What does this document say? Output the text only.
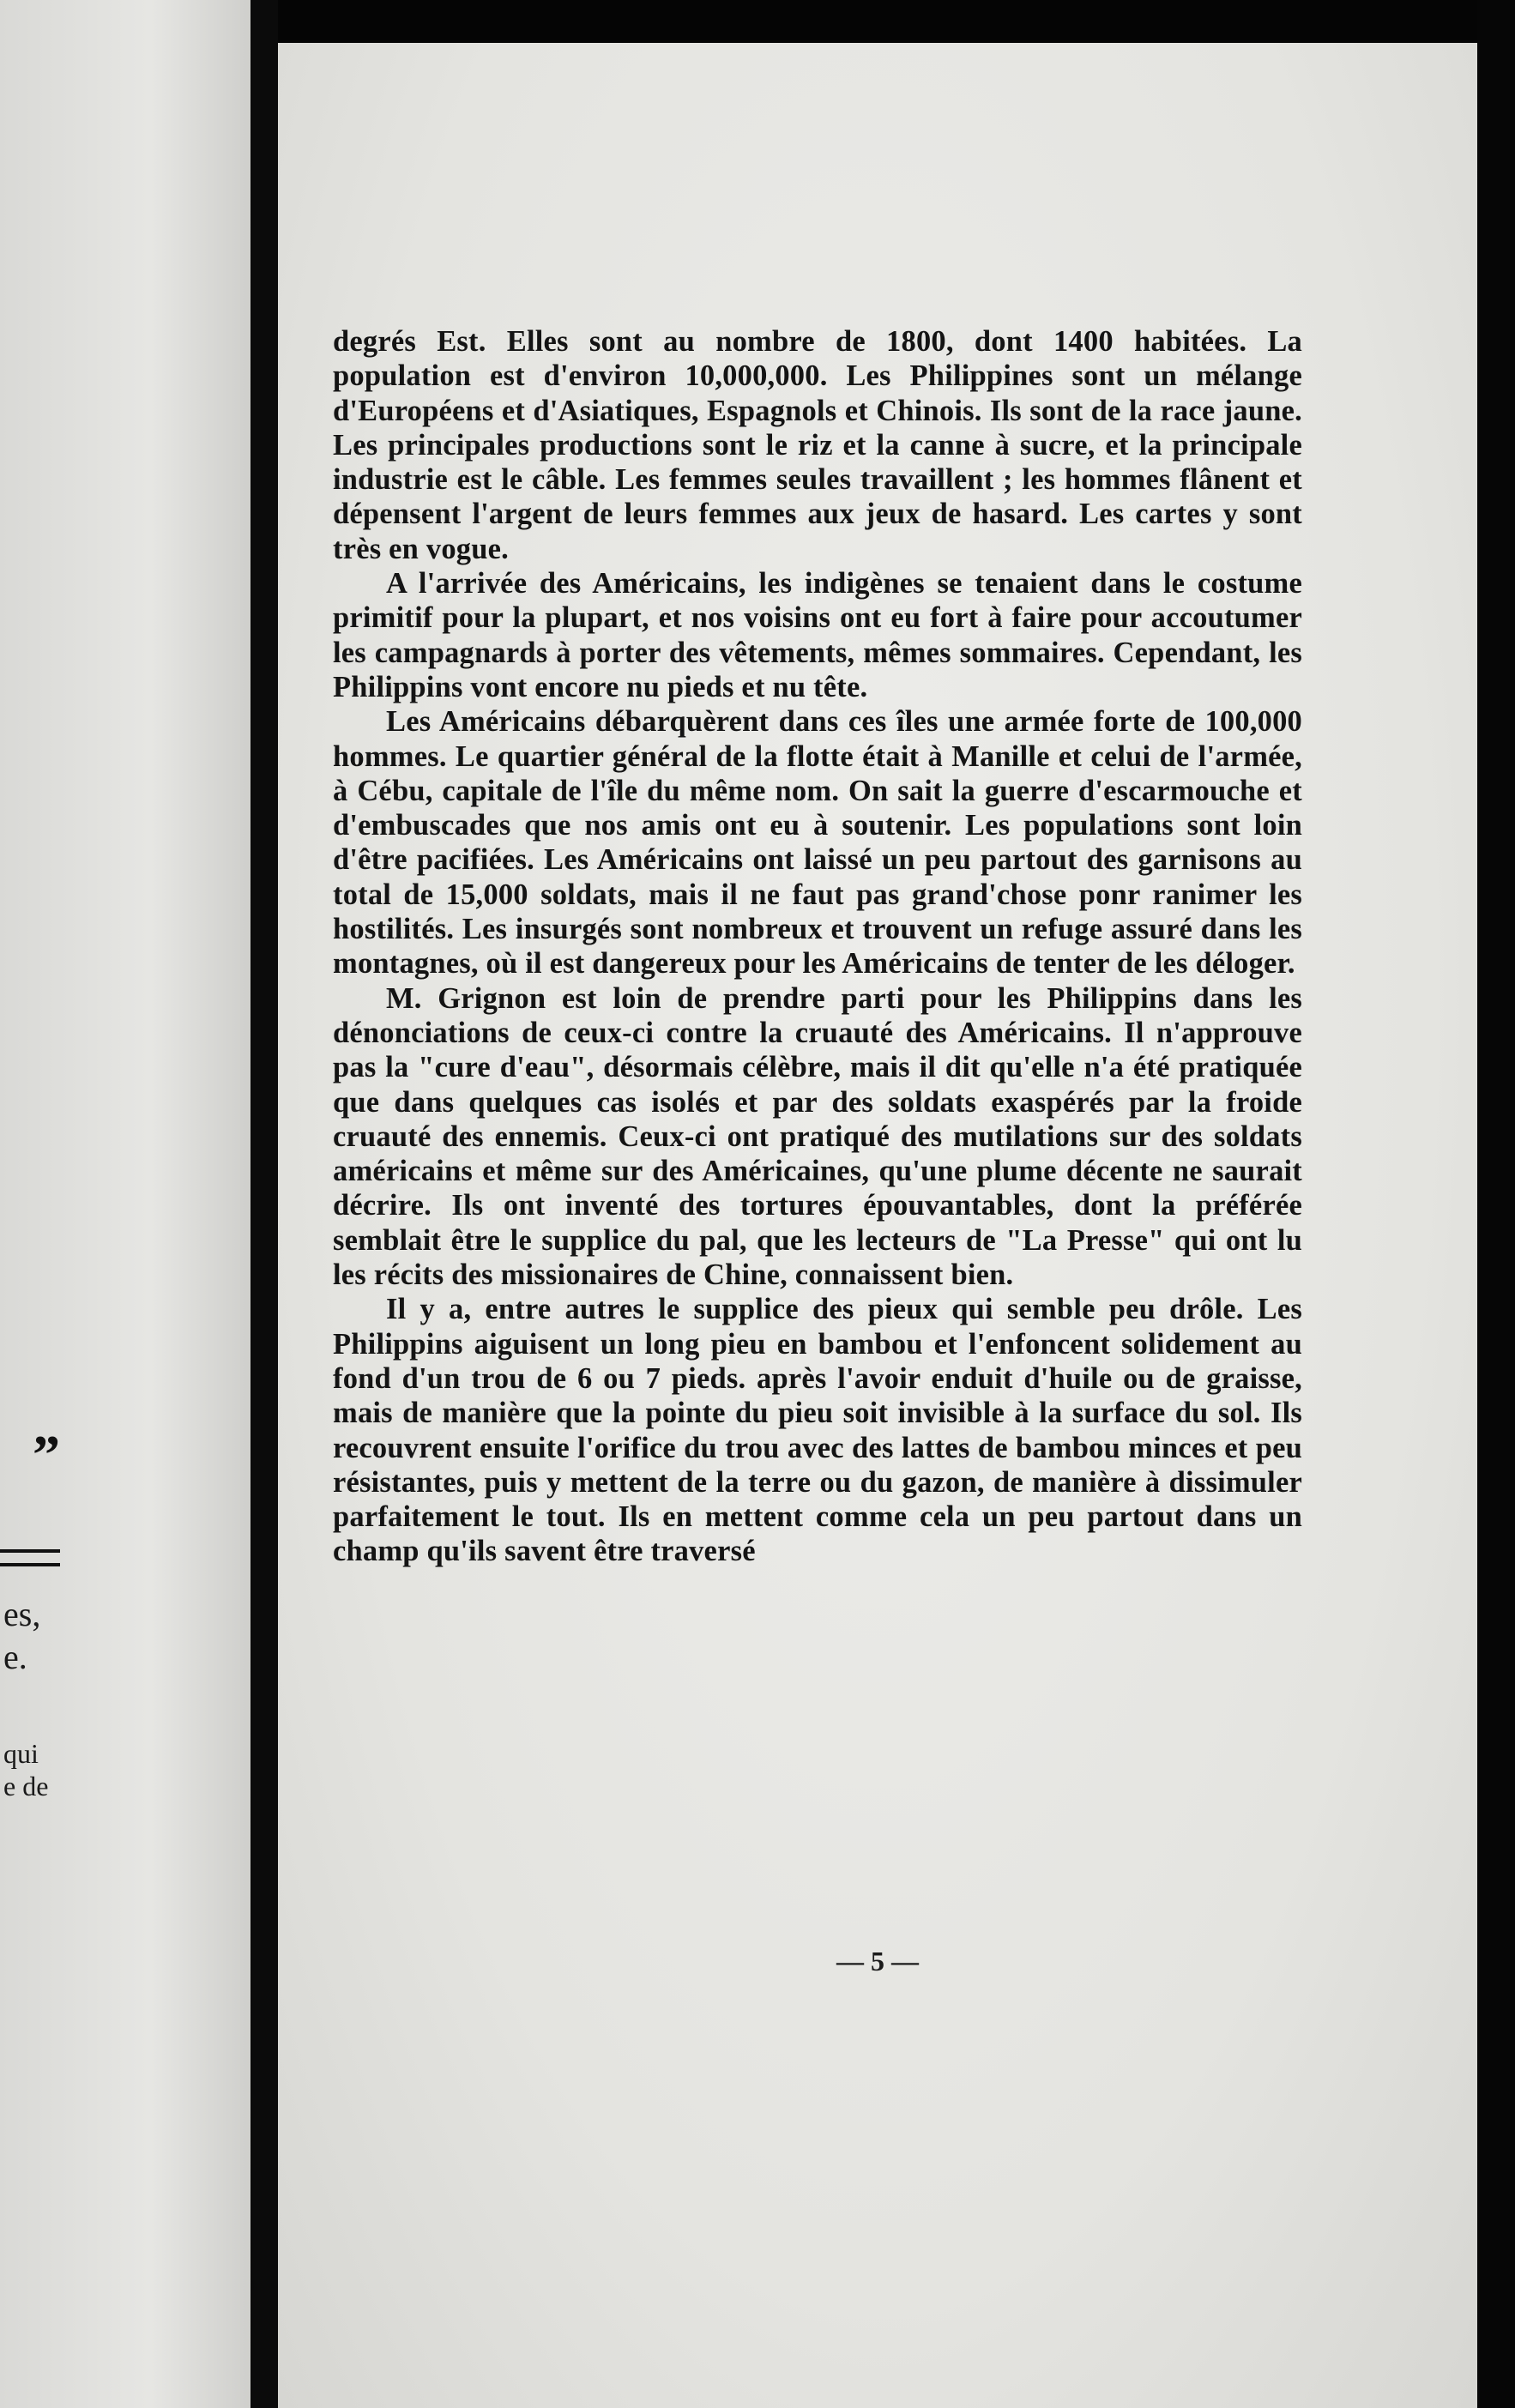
”
es,
e.
qui
e de

degrés Est. Elles sont au nombre de 1800, dont 1400 habitées. La population est d'environ 10,000,000. Les Philippines sont un mélange d'Européens et d'Asiatiques, Espagnols et Chinois. Ils sont de la race jaune. Les principales productions sont le riz et la canne à sucre, et la principale industrie est le câble. Les femmes seules travaillent ; les hommes flânent et dépensent l'argent de leurs femmes aux jeux de hasard. Les cartes y sont très en vogue.

A l'arrivée des Américains, les indigènes se tenaient dans le costume primitif pour la plupart, et nos voisins ont eu fort à faire pour accoutumer les campagnards à porter des vêtements, mêmes sommaires. Cependant, les Philippins vont encore nu pieds et nu tête.

Les Américains débarquèrent dans ces îles une armée forte de 100,000 hommes. Le quartier général de la flotte était à Manille et celui de l'armée, à Cébu, capitale de l'île du même nom. On sait la guerre d'escarmouche et d'embuscades que nos amis ont eu à soutenir. Les populations sont loin d'être pacifiées. Les Américains ont laissé un peu partout des garnisons au total de 15,000 soldats, mais il ne faut pas grand'chose ponr ranimer les hostilités. Les insurgés sont nombreux et trouvent un refuge assuré dans les montagnes, où il est dangereux pour les Américains de tenter de les déloger.

M. Grignon est loin de prendre parti pour les Philippins dans les dénonciations de ceux-ci contre la cruauté des Américains. Il n'approuve pas la "cure d'eau", désormais célèbre, mais il dit qu'elle n'a été pratiquée que dans quelques cas isolés et par des soldats exaspérés par la froide cruauté des ennemis. Ceux-ci ont pratiqué des mutilations sur des soldats américains et même sur des Américaines, qu'une plume décente ne saurait décrire. Ils ont inventé des tortures épouvantables, dont la préférée semblait être le supplice du pal, que les lecteurs de "La Presse" qui ont lu les récits des missionaires de Chine, connaissent bien.

Il y a, entre autres le supplice des pieux qui semble peu drôle. Les Philippins aiguisent un long pieu en bambou et l'enfoncent solidement au fond d'un trou de 6 ou 7 pieds. après l'avoir enduit d'huile ou de graisse, mais de manière que la pointe du pieu soit invisible à la surface du sol. Ils recouvrent ensuite l'orifice du trou avec des lattes de bambou minces et peu résistantes, puis y mettent de la terre ou du gazon, de manière à dissimuler parfaitement le tout. Ils en mettent comme cela un peu partout dans un champ qu'ils savent être traversé

— 5 —
